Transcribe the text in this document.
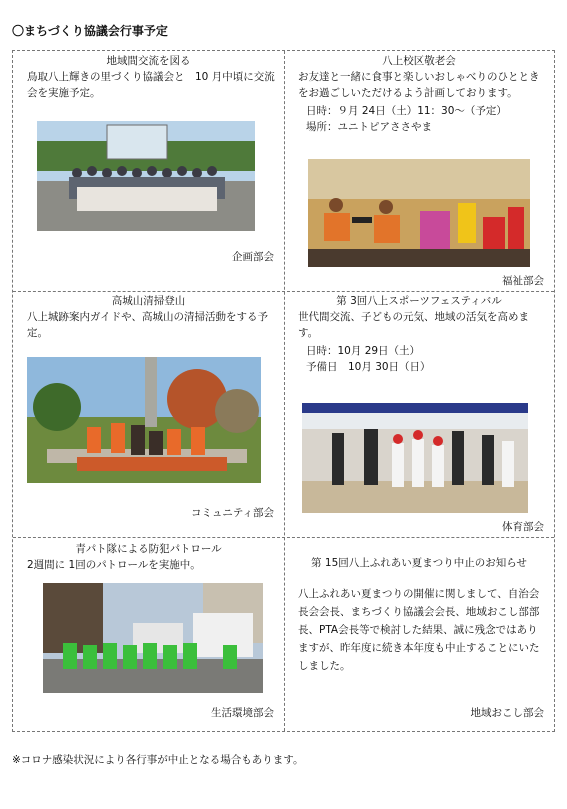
〇まちづくり協議会行事予定
地域間交流を図る
鳥取八上輝きの里づくり協議会と　10 月中頃に交流会を実施予定。
企画部会
八上校区敬老会
お友達と一緒に食事と楽しいおしゃべりのひとときをお過ごしいただけるよう計画しております。

日時：９月 24日（土）11：30～（予定）

場所：ユニトピアささやま

福祉部会
高城山清掃登山
八上城跡案内ガイドや、高城山の清掃活動をする予定。
コミュニティ部会
第 3回八上スポーツフェスティバル
世代間交流、子どもの元気、地域の活気を高めます。

日時：10月 29日（土）

予備日　10月 30日（日）

体育部会
青パト隊による防犯パトロール
2週間に 1回のパトロールを実施中。
生活環境部会
第 15回八上ふれあい夏まつり中止のお知らせ
八上ふれあい夏まつりの開催に関しまして、自治会長会会長、まちづくり協議会会長、地域おこし部部長、PTA会長等で検討した結果、誠に残念ではありますが、昨年度に続き本年度も中止することにいたしました。
地域おこし部会
※コロナ感染状況により各行事が中止となる場合もあります。
